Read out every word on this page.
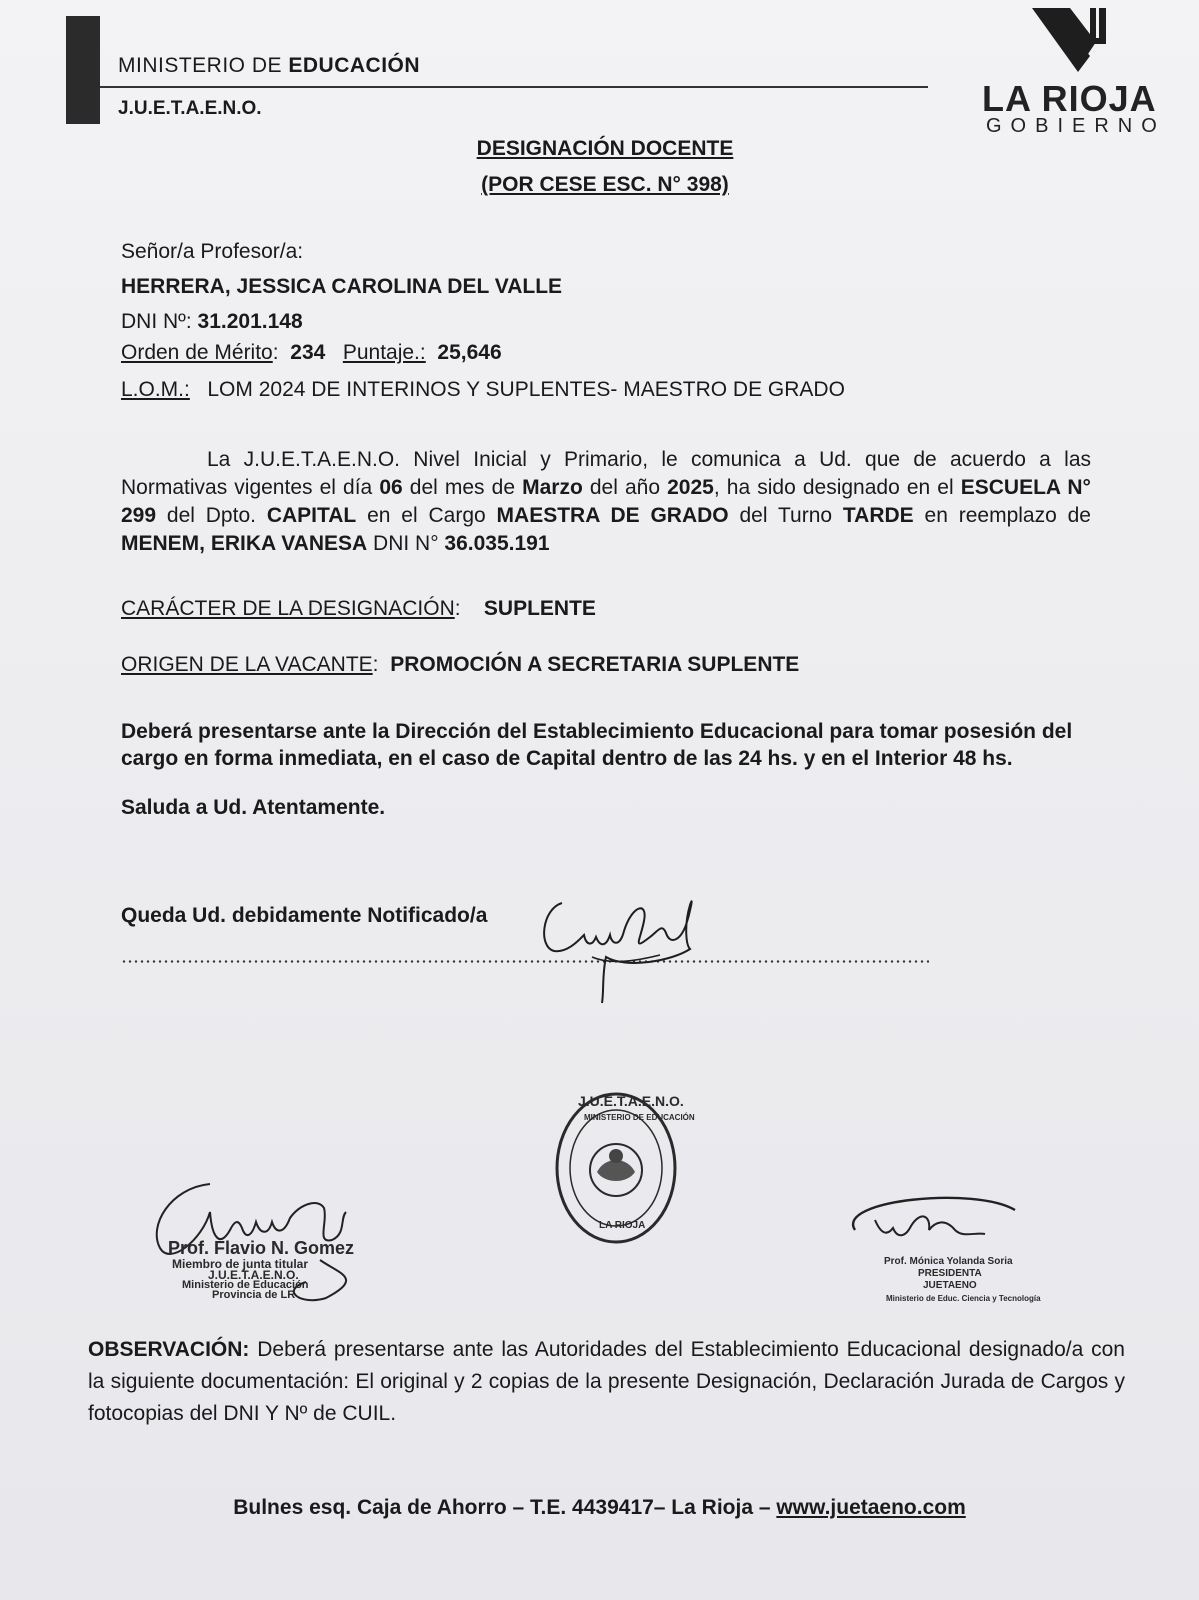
MINISTERIO DE EDUCACIÓN
J.U.E.T.A.E.N.O.	LA RIOJA
GOBIERNO
DESIGNACIÓN DOCENTE
(POR CESE ESC. N° 398)
Señor/a Profesor/a:
HERRERA, JESSICA CAROLINA DEL VALLE
DNI Nº: 31.201.148
Orden de Mérito:  234 Puntaje.: 25,646
L.O.M.: LOM 2024 DE INTERINOS Y SUPLENTES- MAESTRO DE GRADO
La J.U.E.T.A.E.N.O. Nivel Inicial y Primario, le comunica a Ud. que de acuerdo a las Normativas vigentes el día 06 del mes de Marzo del año 2025, ha sido designado en el ESCUELA N° 299 del Dpto. CAPITAL en el Cargo MAESTRA DE GRADO del Turno TARDE en reemplazo de MENEM, ERIKA VANESA DNI N° 36.035.191
CARÁCTER DE LA DESIGNACIÓN:    SUPLENTE
ORIGEN DE LA VACANTE:  PROMOCIÓN A SECRETARIA SUPLENTE
Deberá presentarse ante la Dirección del Establecimiento Educacional para tomar posesión del cargo en forma inmediata, en el caso de Capital dentro de las 24 hs. y en el Interior 48 hs.
Saluda a Ud. Atentamente.
Queda Ud. debidamente Notificado/a
Prof. Flavio N. Gomez
Miembro de junta titular
J.U.E.T.A.E.N.O.
Ministerio de Educación
Provincia de LR
J.U.E.T.A.E.N.O.
MINISTERIO DE EDUCACIÓN
LA RIOJA
Prof. Mónica Yolanda Soria
PRESIDENTA
JUETAENO
Ministerio de Educ. Ciencia y Tecnología
OBSERVACIÓN: Deberá presentarse ante las Autoridades del Establecimiento Educacional designado/a con la siguiente documentación: El original y 2 copias de la presente Designación, Declaración Jurada de Cargos y fotocopias del DNI Y Nº de CUIL.
Bulnes esq. Caja de Ahorro – T.E. 4439417– La Rioja – www.juetaeno.com
